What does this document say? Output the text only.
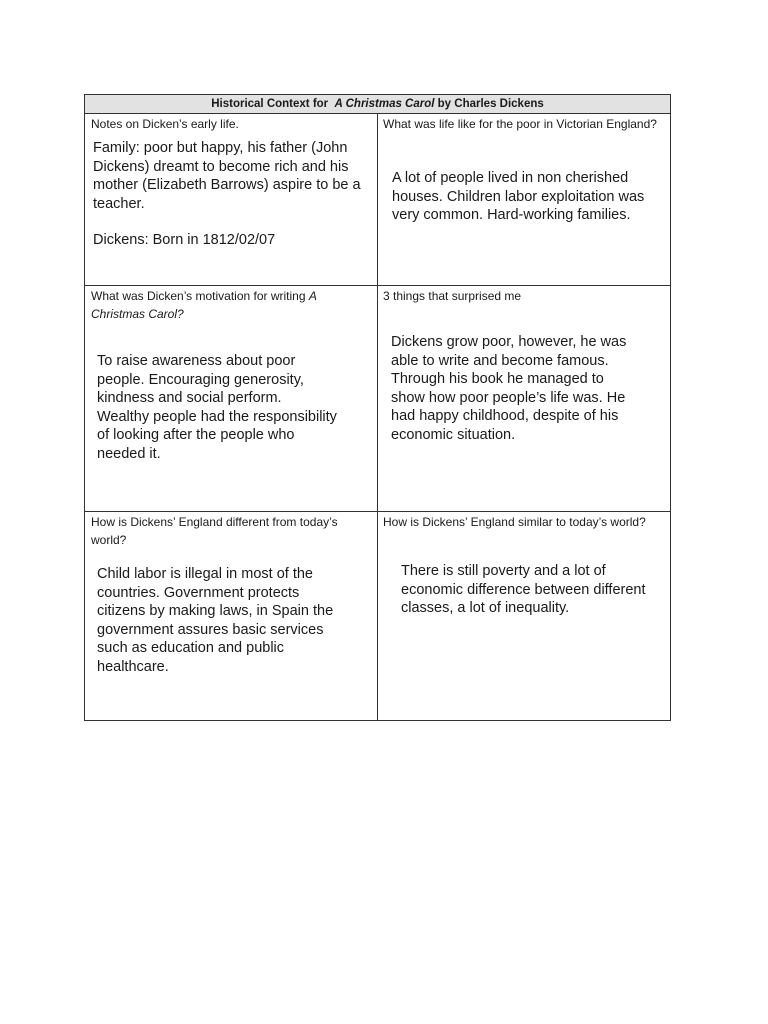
Historical Context for A Christmas Carol by Charles Dickens
Notes on Dicken’s early life.

Family: poor but happy, his father (John Dickens) dreamt to become rich and his mother (Elizabeth Barrows) aspire to be a teacher.

Dickens: Born in 1812/02/07

What was life like for the poor in Victorian England?
A lot of people lived in non cherished houses. Children labor exploitation was very common. Hard-working families.
What was Dicken’s motivation for writing A Christmas Carol?
To raise awareness about poor people. Encouraging generosity, kindness and social perform. Wealthy people had the responsibility of looking after the people who needed it.
3 things that surprised me
Dickens grow poor, however, he was able to write and become famous. Through his book he managed to show how poor people’s life was. He had happy childhood, despite of his economic situation.
How is Dickens’ England different from today’s world?
Child labor is illegal in most of the countries. Government protects citizens by making laws, in Spain the government assures basic services such as education and public healthcare.
How is Dickens’ England similar to today’s world?
There is still poverty and a lot of economic difference between different classes, a lot of inequality.
